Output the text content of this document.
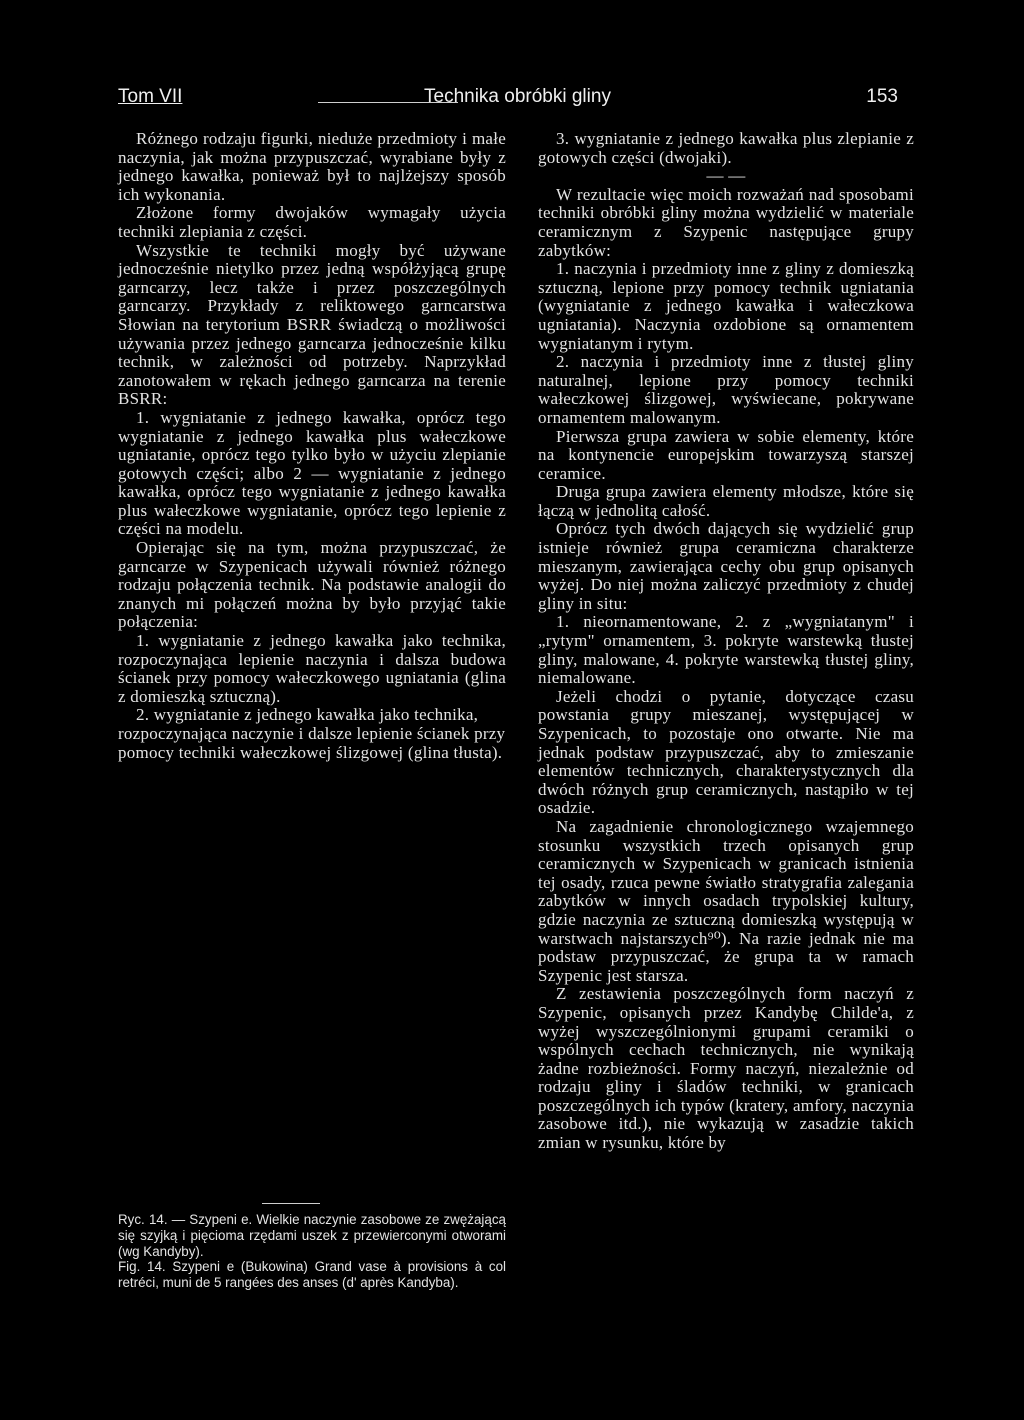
Tom VII	Technika obróbki gliny	153

Różnego rodzaju figurki, nieduże przedmioty i małe naczynia, jak można przypuszczać, wyrabiane były z jednego kawałka, ponieważ był to najlżejszy sposób ich wykonania.

Złożone formy dwojaków wymagały użycia techniki zlepiania z części.

Wszystkie te techniki mogły być używane jednocześnie nietylko przez jedną współżyjącą grupę garncarzy, lecz także i przez poszczególnych garncarzy. Przykłady z reliktowego garncarstwa Słowian na terytorium BSRR świadczą o możliwości używania przez jednego garncarza jednocześnie kilku technik, w zależności od potrzeby. Naprzykład zanotowałem w rękach jednego garncarza na terenie BSRR:

1. wygniatanie z jednego kawałka, oprócz tego wygniatanie z jednego kawałka plus wałeczkowe ugniatanie, oprócz tego tylko było w użyciu zlepianie gotowych części; albo 2 — wygniatanie z jednego kawałka, oprócz tego wygniatanie z jednego kawałka plus wałeczkowe wygniatanie, oprócz tego lepienie z części na modelu.

Opierając się na tym, można przypuszczać, że garncarze w Szypenicach używali również różnego rodzaju połączenia technik. Na podstawie analogii do znanych mi połączeń można by było przyjąć takie połączenia:

1. wygniatanie z jednego kawałka jako technika, rozpoczynająca lepienie naczynia i dalsza budowa ścianek przy pomocy wałeczkowego ugniatania (glina z domieszką sztuczną).

2. wygniatanie z jednego kawałka jako technika, rozpoczynająca naczynie i dalsze lepienie ścianek przy pomocy techniki wałeczkowej ślizgowej (glina tłusta).

3. wygniatanie z jednego kawałka plus zlepianie z gotowych części (dwojaki).

— —

W rezultacie więc moich rozważań nad sposobami techniki obróbki gliny można wydzielić w materiale ceramicznym z Szypenic następujące grupy zabytków:

1. naczynia i przedmioty inne z gliny z domieszką sztuczną, lepione przy pomocy technik ugniatania (wygniatanie z jednego kawałka i wałeczkowa ugniatania). Naczynia ozdobione są ornamentem wygniatanym i rytym.

2. naczynia i przedmioty inne z tłustej gliny naturalnej, lepione przy pomocy techniki wałeczkowej ślizgowej, wyświecane, pokrywane ornamentem malowanym.

Pierwsza grupa zawiera w sobie elementy, które na kontynencie europejskim towarzyszą starszej ceramice.

Druga grupa zawiera elementy młodsze, które się łączą w jednolitą całość.

Oprócz tych dwóch dających się wydzielić grup istnieje również grupa ceramiczna charakterze mieszanym, zawierająca cechy obu grup opisanych wyżej. Do niej można zaliczyć przedmioty z chudej gliny in situ:

1. nieornamentowane, 2. z „wygniatanym" i „rytym" ornamentem, 3. pokryte warstewką tłustej gliny, malowane, 4. pokryte warstewką tłustej gliny, niemalowane.

Jeżeli chodzi o pytanie, dotyczące czasu powstania grupy mieszanej, występującej w Szypenicach, to pozostaje ono otwarte. Nie ma jednak podstaw przypuszczać, aby to zmieszanie elementów technicznych, charakterystycznych dla dwóch różnych grup ceramicznych, nastąpiło w tej osadzie.

Na zagadnienie chronologicznego wzajemnego stosunku wszystkich trzech opisanych grup ceramicznych w Szypenicach w granicach istnienia tej osady, rzuca pewne światło stratygrafia zalegania zabytków w innych osadach trypolskiej kultury, gdzie naczynia ze sztuczną domieszką występują w warstwach najstarszych⁹⁰). Na razie jednak nie ma podstaw przypuszczać, że grupa ta w ramach Szypenic jest starsza.

Z zestawienia poszczególnych form naczyń z Szypenic, opisanych przez Kandybę Childe'a, z wyżej wyszczególnionymi grupami ceramiki o wspólnych cechach technicznych, nie wynikają żadne rozbieżności. Formy naczyń, niezależnie od rodzaju gliny i śladów techniki, w granicach poszczególnych ich typów (kratery, amfory, naczynia zasobowe itd.), nie wykazują w zasadzie takich zmian w rysunku, które by

Ryc. 14. — Szypeni e. Wielkie naczynie zasobowe ze zwężającą się szyjką i pięcioma rzędami uszek z przewierconymi otworami (wg Kandyby).

Fig. 14. Szypeni e (Bukowina) Grand vase à provisions à col retréci, muni de 5 rangées des anses (d' après Kandyba).
